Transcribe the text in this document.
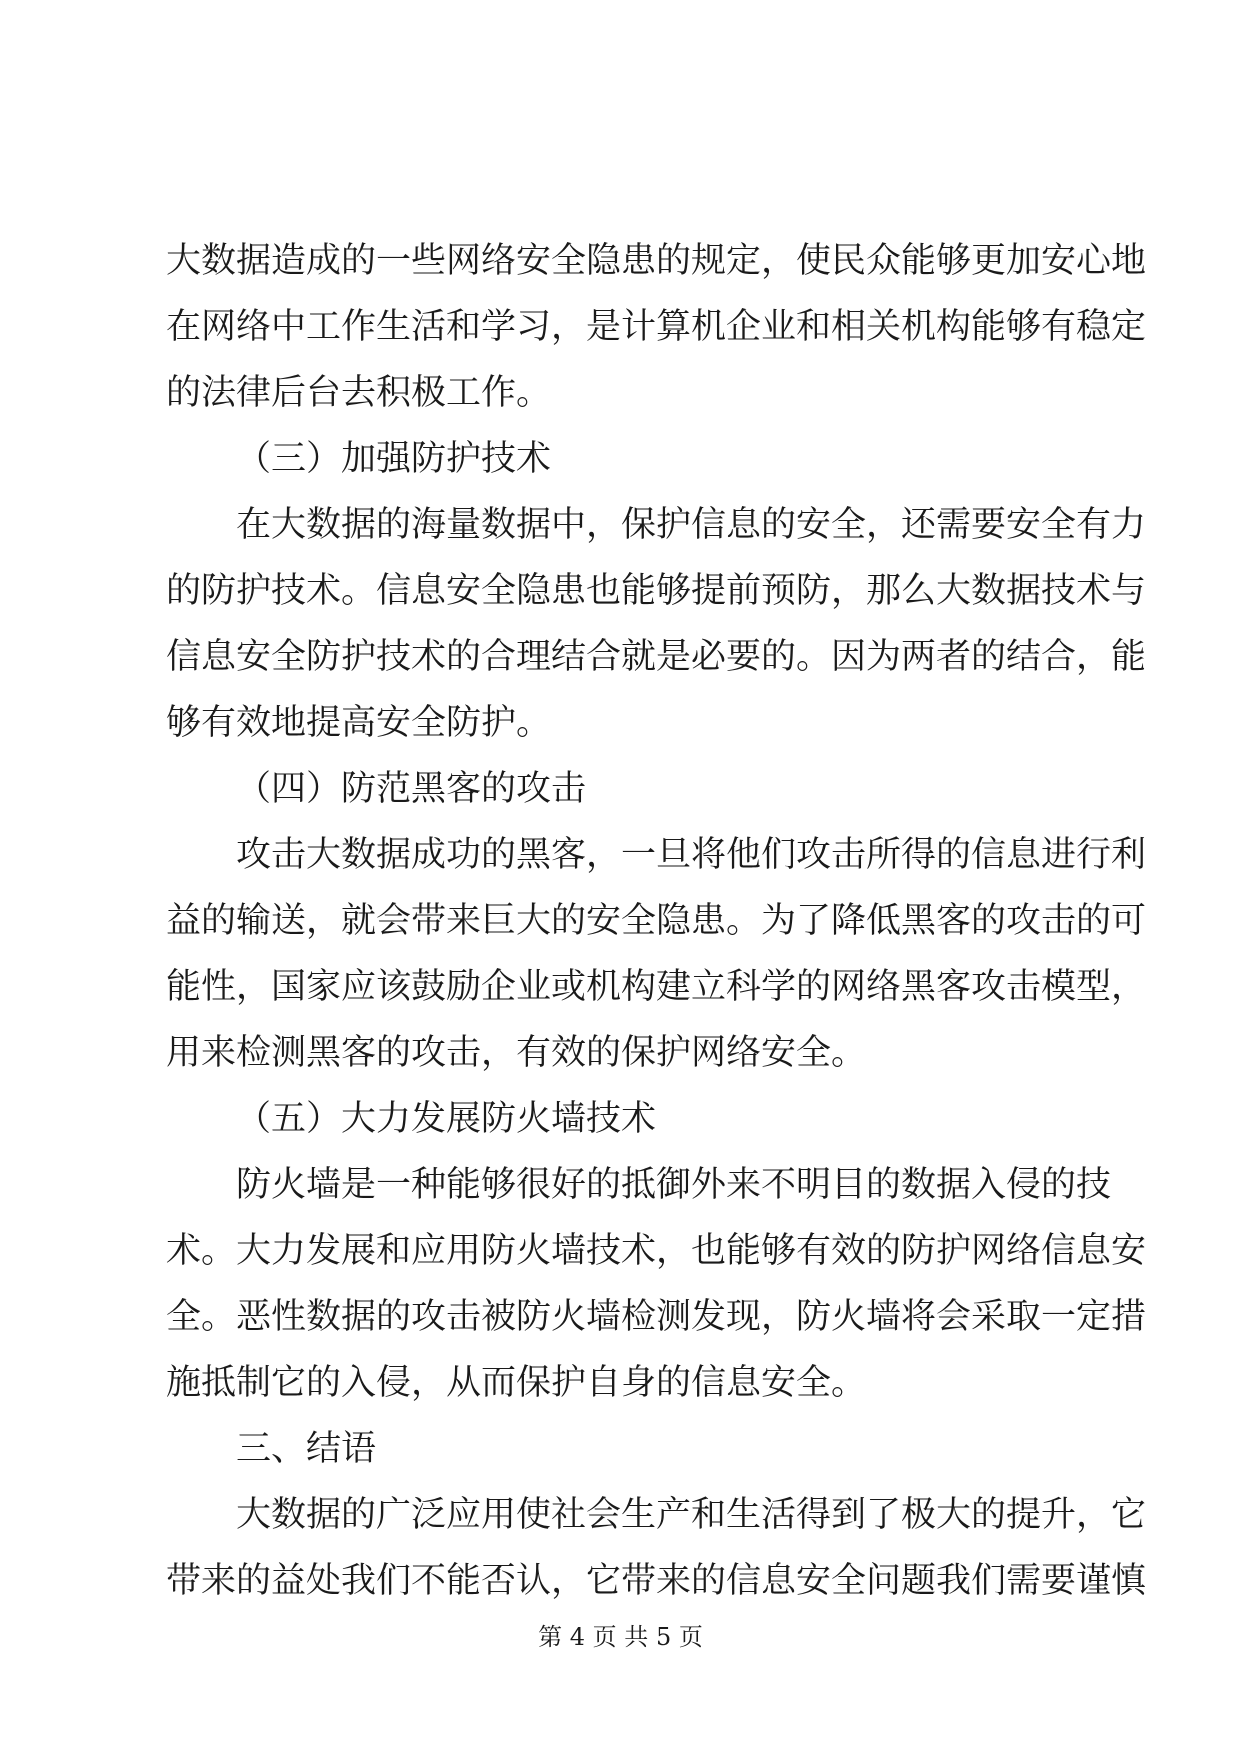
大数据造成的一些网络安全隐患的规定，使民众能够更加安心地
在网络中工作生活和学习，是计算机企业和相关机构能够有稳定
的法律后台去积极工作。
（三）加强防护技术
在大数据的海量数据中，保护信息的安全，还需要安全有力
的防护技术。信息安全隐患也能够提前预防，那么大数据技术与
信息安全防护技术的合理结合就是必要的。因为两者的结合，能
够有效地提高安全防护。
（四）防范黑客的攻击
攻击大数据成功的黑客，一旦将他们攻击所得的信息进行利
益的输送，就会带来巨大的安全隐患。为了降低黑客的攻击的可
能性，国家应该鼓励企业或机构建立科学的网络黑客攻击模型，
用来检测黑客的攻击，有效的保护网络安全。
（五）大力发展防火墙技术
防火墙是一种能够很好的抵御外来不明目的数据入侵的技
术。大力发展和应用防火墙技术，也能够有效的防护网络信息安
全。恶性数据的攻击被防火墙检测发现，防火墙将会采取一定措
施抵制它的入侵，从而保护自身的信息安全。
三、结语
大数据的广泛应用使社会生产和生活得到了极大的提升，它
带来的益处我们不能否认，它带来的信息安全问题我们需要谨慎
第 4 页 共 5 页
